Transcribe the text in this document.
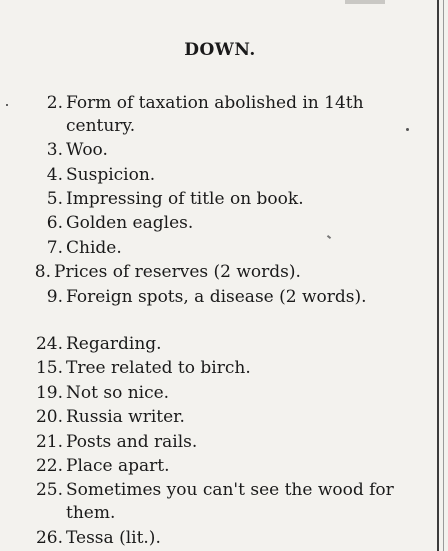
DOWN.
2. Form of taxation abolished in 14th century.
3. Woo.
4. Suspicion.
5. Impressing of title on book.
6. Golden eagles.
7. Chide.
8. Prices of reserves (2 words).
9. Foreign spots, a disease (2 words).
24. Regarding.
15. Tree related to birch.
19. Not so nice.
20. Russia writer.
21. Posts and rails.
22. Place apart.
25. Sometimes you can't see the wood for them.
26. Tessa (lit.).
